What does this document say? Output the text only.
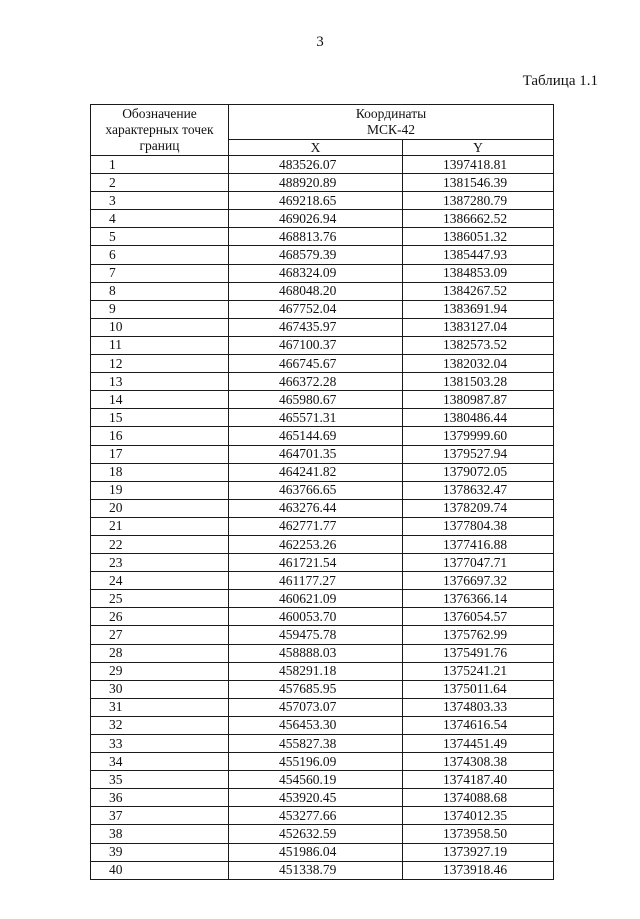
3
Таблица 1.1
Обозначение характерных точек границ	Координаты
МСК-42	
	X	Y
1	483526.07	1397418.81
2	488920.89	1381546.39
3	469218.65	1387280.79
4	469026.94	1386662.52
5	468813.76	1386051.32
6	468579.39	1385447.93
7	468324.09	1384853.09
8	468048.20	1384267.52
9	467752.04	1383691.94
10	467435.97	1383127.04
11	467100.37	1382573.52
12	466745.67	1382032.04
13	466372.28	1381503.28
14	465980.67	1380987.87
15	465571.31	1380486.44
16	465144.69	1379999.60
17	464701.35	1379527.94
18	464241.82	1379072.05
19	463766.65	1378632.47
20	463276.44	1378209.74
21	462771.77	1377804.38
22	462253.26	1377416.88
23	461721.54	1377047.71
24	461177.27	1376697.32
25	460621.09	1376366.14
26	460053.70	1376054.57
27	459475.78	1375762.99
28	458888.03	1375491.76
29	458291.18	1375241.21
30	457685.95	1375011.64
31	457073.07	1374803.33
32	456453.30	1374616.54
33	455827.38	1374451.49
34	455196.09	1374308.38
35	454560.19	1374187.40
36	453920.45	1374088.68
37	453277.66	1374012.35
38	452632.59	1373958.50
39	451986.04	1373927.19
40	451338.79	1373918.46
